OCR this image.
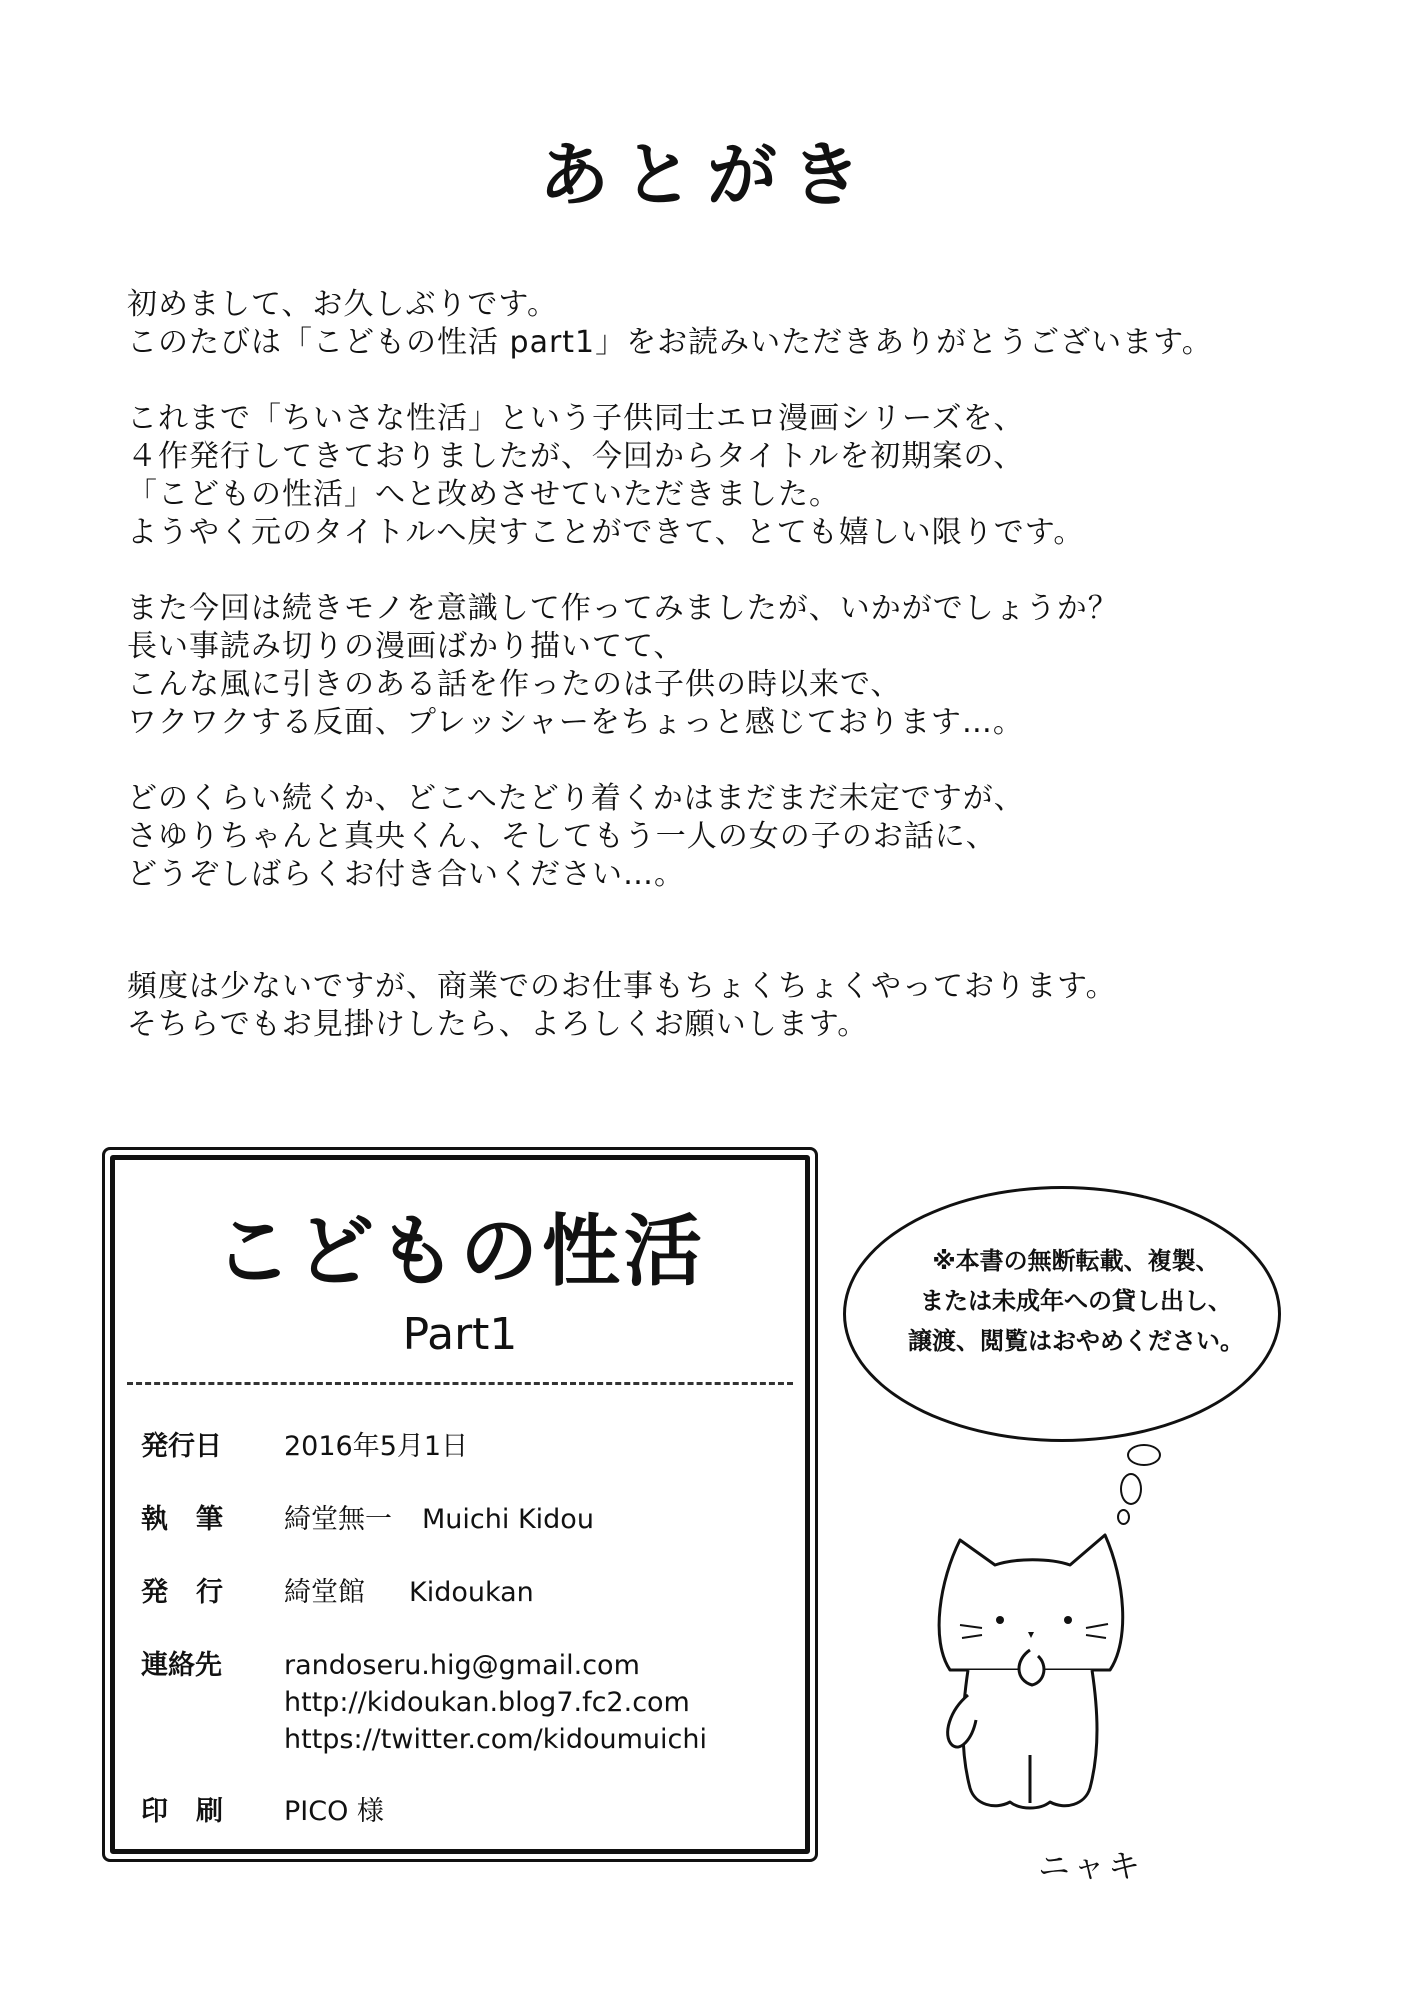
あとがき
初めまして、お久しぶりです。
このたびは「こどもの性活 part1」をお読みいただきありがとうございます。
これまで「ちいさな性活」という子供同士エロ漫画シリーズを、
４作発行してきておりましたが、今回からタイトルを初期案の、
「こどもの性活」へと改めさせていただきました。
ようやく元のタイトルへ戻すことができて、とても嬉しい限りです。
また今回は続きモノを意識して作ってみましたが、いかがでしょうか？
長い事読み切りの漫画ばかり描いてて、
こんな風に引きのある話を作ったのは子供の時以来で、
ワクワクする反面、プレッシャーをちょっと感じております…。
どのくらい続くか、どこへたどり着くかはまだまだ未定ですが、
さゆりちゃんと真央くん、そしてもう一人の女の子のお話に、
どうぞしばらくお付き合いください…。
頻度は少ないですが、商業でのお仕事もちょくちょくやっております。
そちらでもお見掛けしたら、よろしくお願いします。
こどもの性活
Part1
発行日	2016年5月1日
執筆	綺堂無一 Muichi Kidou
発行	綺堂館 Kidoukan
連絡先	randoseru.hig@gmail.com
http://kidoukan.blog7.fc2.com
https://twitter.com/kidoumuichi
印刷	PICO 様
※本書の無断転載、複製、
または未成年への貸し出し、
譲渡、閲覧はおやめください。
ニャキ
